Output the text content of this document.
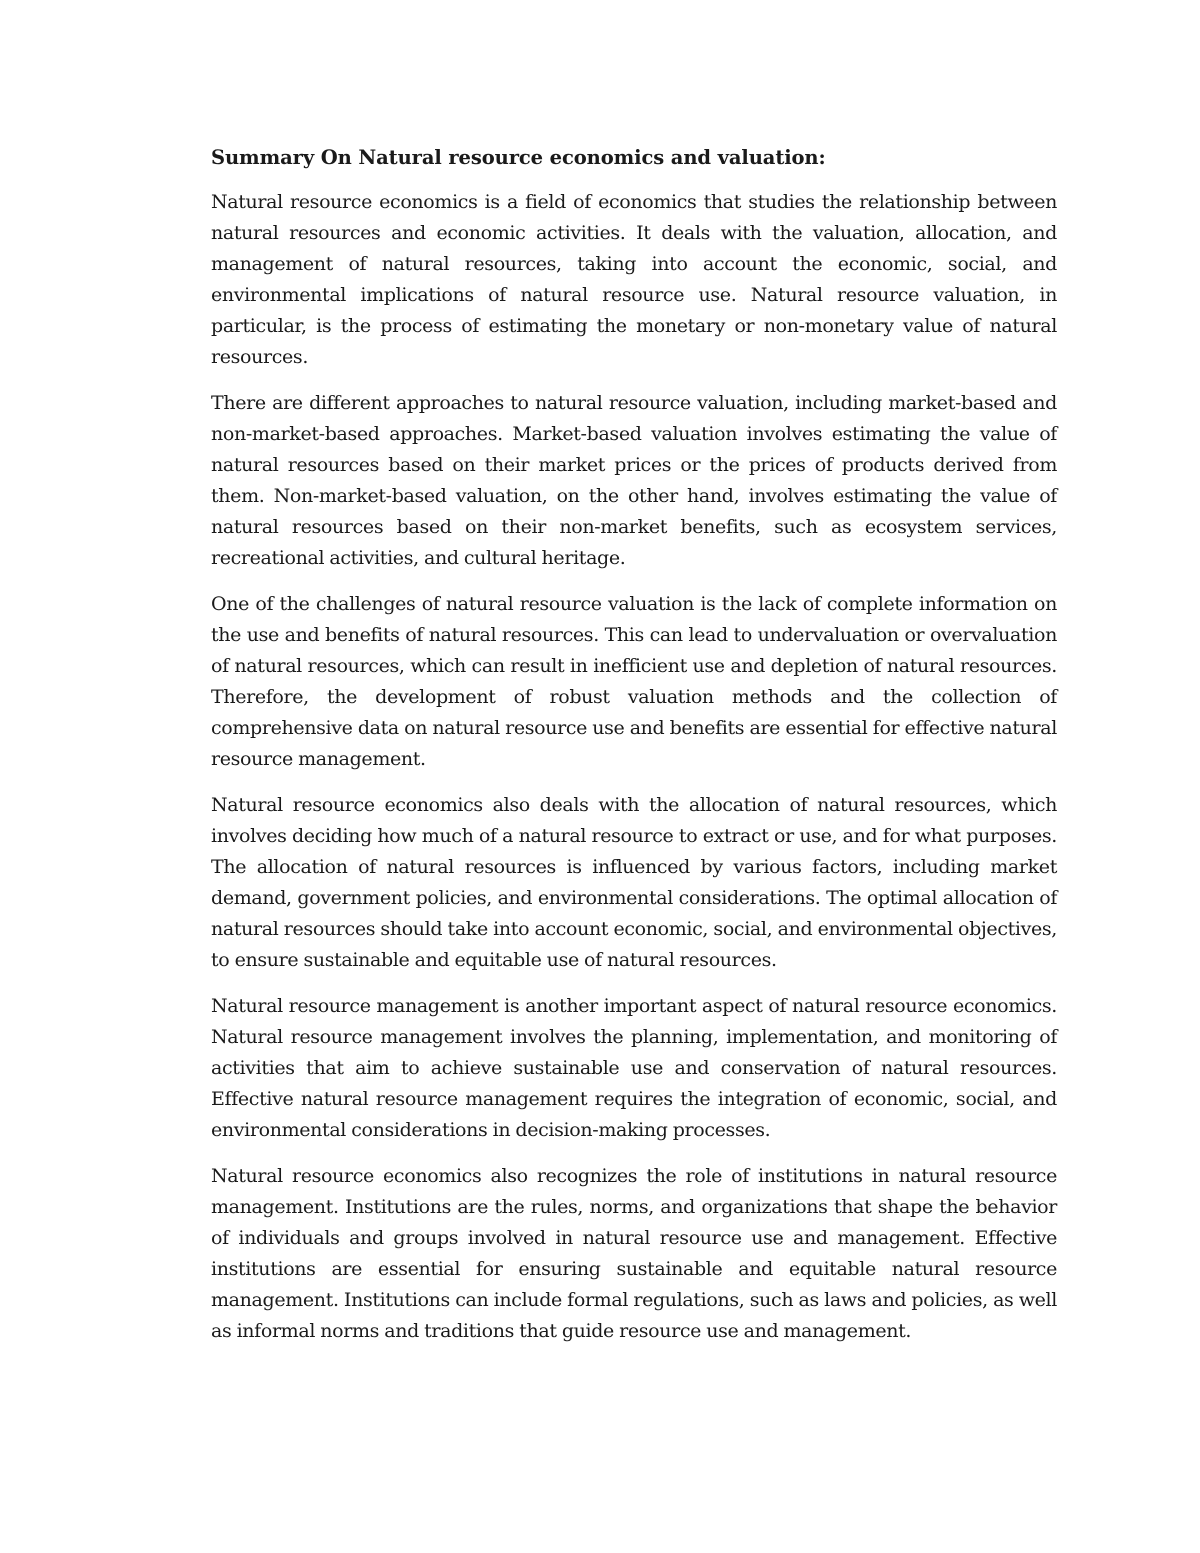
Summary On Natural resource economics and valuation:

Natural resource economics is a field of economics that studies the relationship between natural resources and economic activities. It deals with the valuation, allocation, and management of natural resources, taking into account the economic, social, and environmental implications of natural resource use. Natural resource valuation, in particular, is the process of estimating the monetary or non-monetary value of natural resources.

There are different approaches to natural resource valuation, including market-based and non-market-based approaches. Market-based valuation involves estimating the value of natural resources based on their market prices or the prices of products derived from them. Non-market-based valuation, on the other hand, involves estimating the value of natural resources based on their non-market benefits, such as ecosystem services, recreational activities, and cultural heritage.

One of the challenges of natural resource valuation is the lack of complete information on the use and benefits of natural resources. This can lead to undervaluation or overvaluation of natural resources, which can result in inefficient use and depletion of natural resources. Therefore, the development of robust valuation methods and the collection of comprehensive data on natural resource use and benefits are essential for effective natural resource management.

Natural resource economics also deals with the allocation of natural resources, which involves deciding how much of a natural resource to extract or use, and for what purposes. The allocation of natural resources is influenced by various factors, including market demand, government policies, and environmental considerations. The optimal allocation of natural resources should take into account economic, social, and environmental objectives, to ensure sustainable and equitable use of natural resources.

Natural resource management is another important aspect of natural resource economics. Natural resource management involves the planning, implementation, and monitoring of activities that aim to achieve sustainable use and conservation of natural resources. Effective natural resource management requires the integration of economic, social, and environmental considerations in decision-making processes.

Natural resource economics also recognizes the role of institutions in natural resource management. Institutions are the rules, norms, and organizations that shape the behavior of individuals and groups involved in natural resource use and management. Effective institutions are essential for ensuring sustainable and equitable natural resource management. Institutions can include formal regulations, such as laws and policies, as well as informal norms and traditions that guide resource use and management.
